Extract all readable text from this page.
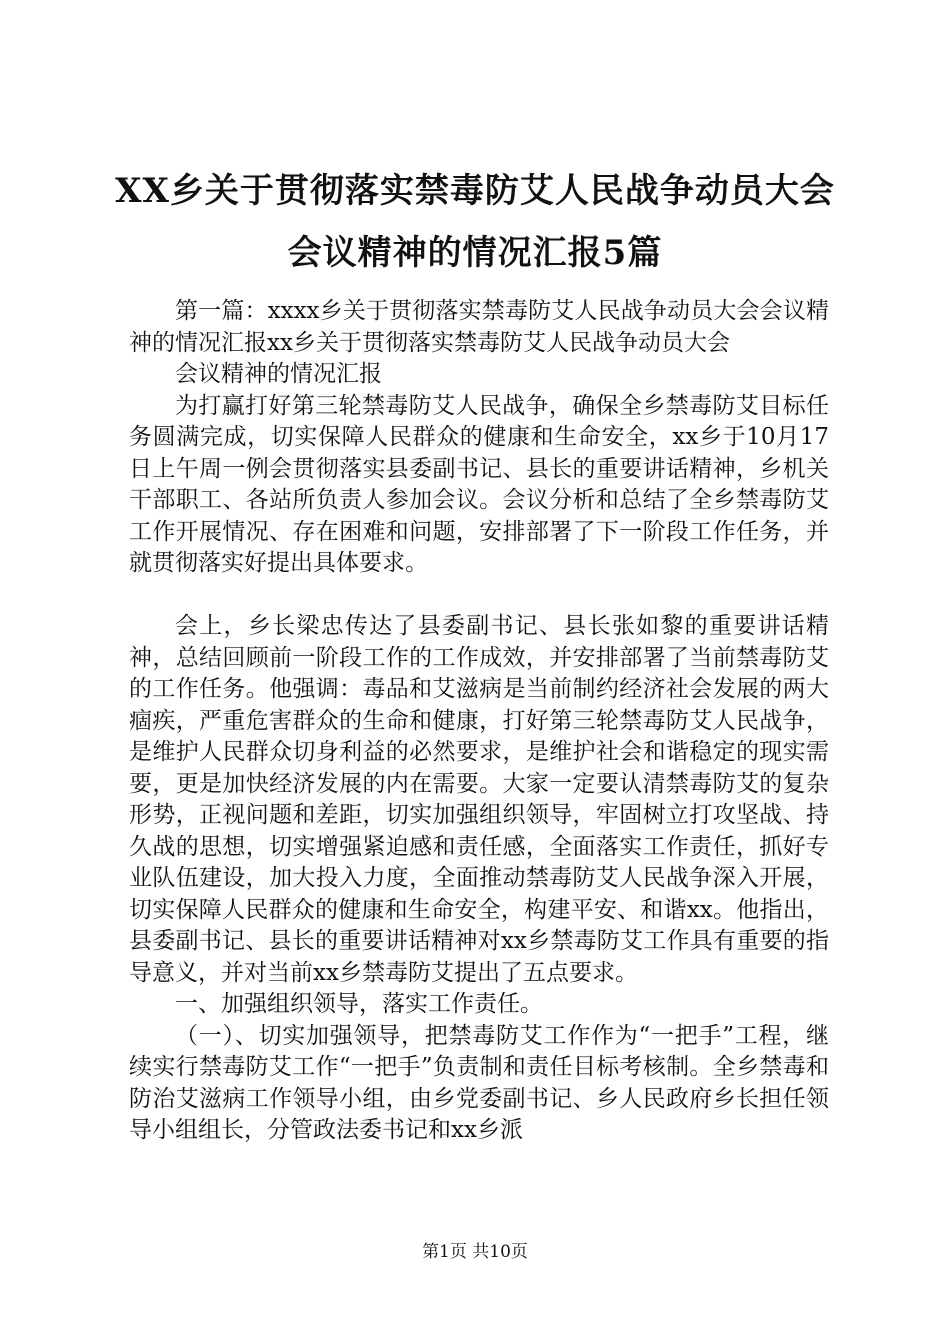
XX乡关于贯彻落实禁毒防艾人民战争动员大会会议精神的情况汇报5篇

第一篇：xxxx乡关于贯彻落实禁毒防艾人民战争动员大会会议精神的情况汇报xx乡关于贯彻落实禁毒防艾人民战争动员大会

会议精神的情况汇报

为打赢打好第三轮禁毒防艾人民战争，确保全乡禁毒防艾目标任务圆满完成，切实保障人民群众的健康和生命安全，xx乡于10月17日上午周一例会贯彻落实县委副书记、县长的重要讲话精神，乡机关干部职工、各站所负责人参加会议。会议分析和总结了全乡禁毒防艾工作开展情况、存在困难和问题，安排部署了下一阶段工作任务，并就贯彻落实好提出具体要求。

会上，乡长梁忠传达了县委副书记、县长张如黎的重要讲话精神，总结回顾前一阶段工作的工作成效，并安排部署了当前禁毒防艾的工作任务。他强调：毒品和艾滋病是当前制约经济社会发展的两大痼疾，严重危害群众的生命和健康，打好第三轮禁毒防艾人民战争，是维护人民群众切身利益的必然要求，是维护社会和谐稳定的现实需要，更是加快经济发展的内在需要。大家一定要认清禁毒防艾的复杂形势，正视问题和差距，切实加强组织领导，牢固树立打攻坚战、持久战的思想，切实增强紧迫感和责任感，全面落实工作责任，抓好专业队伍建设，加大投入力度，全面推动禁毒防艾人民战争深入开展，切实保障人民群众的健康和生命安全，构建平安、和谐xx。他指出，县委副书记、县长的重要讲话精神对xx乡禁毒防艾工作具有重要的指导意义，并对当前xx乡禁毒防艾提出了五点要求。

一、加强组织领导，落实工作责任。

（一）、切实加强领导，把禁毒防艾工作作为“一把手”工程，继续实行禁毒防艾工作“一把手”负责制和责任目标考核制。全乡禁毒和防治艾滋病工作领导小组，由乡党委副书记、乡人民政府乡长担任领导小组组长，分管政法委书记和xx乡派

第1页 共10页
